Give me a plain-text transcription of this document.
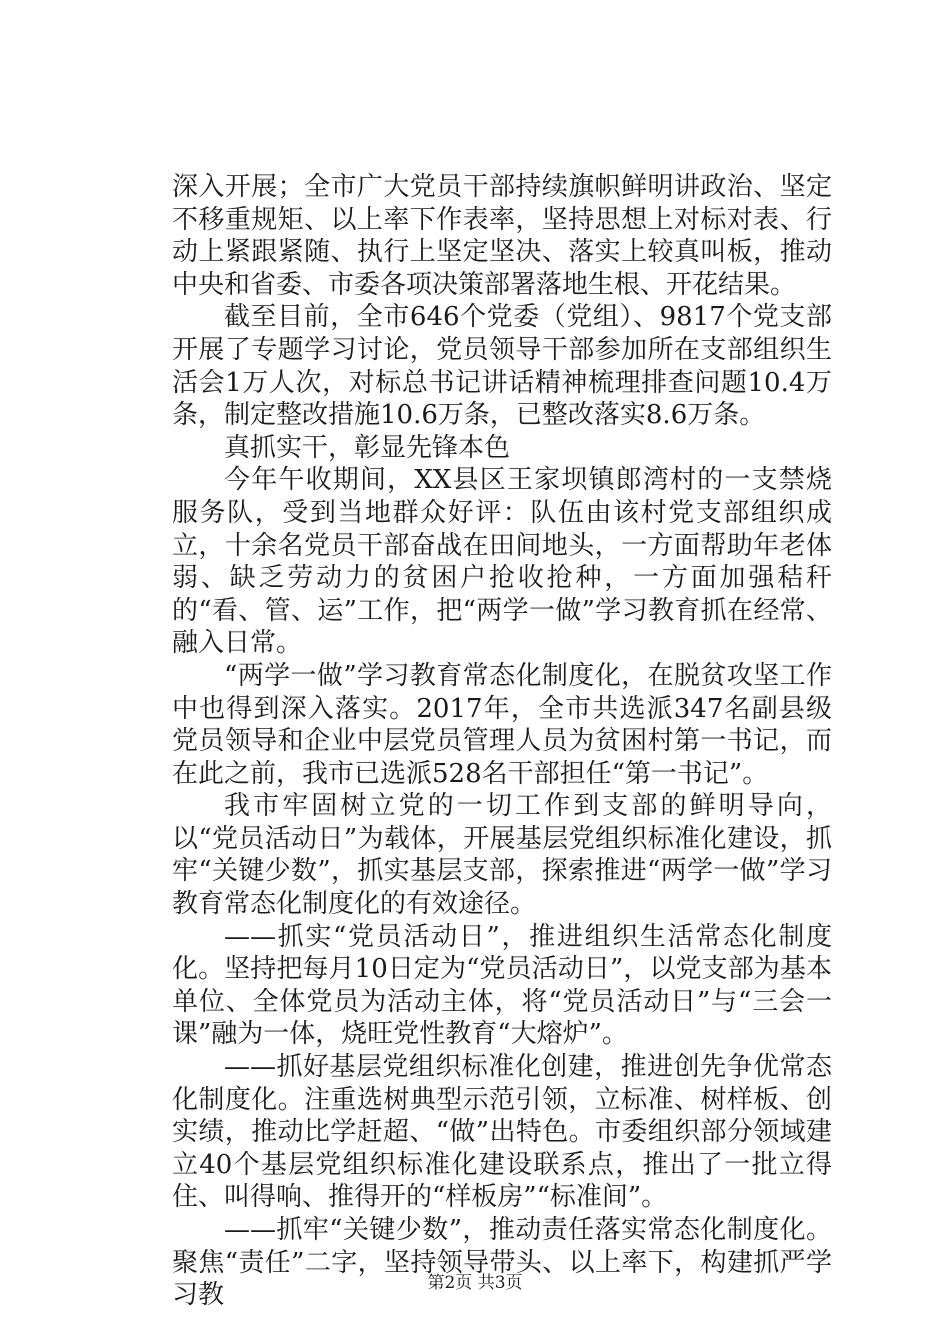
深入开展；全市广大党员干部持续旗帜鲜明讲政治、坚定不移重规矩、以上率下作表率，坚持思想上对标对表、行动上紧跟紧随、执行上坚定坚决、落实上较真叫板，推动中央和省委、市委各项决策部署落地生根、开花结果。

截至目前，全市646个党委（党组）、9817个党支部开展了专题学习讨论，党员领导干部参加所在支部组织生活会1万人次，对标总书记讲话精神梳理排查问题10.4万条，制定整改措施10.6万条，已整改落实8.6万条。

真抓实干，彰显先锋本色

今年午收期间，XX县区王家坝镇郎湾村的一支禁烧服务队，受到当地群众好评：队伍由该村党支部组织成立，十余名党员干部奋战在田间地头，一方面帮助年老体弱、缺乏劳动力的贫困户抢收抢种，一方面加强秸秆的“看、管、运”工作，把“两学一做”学习教育抓在经常、融入日常。

“两学一做”学习教育常态化制度化，在脱贫攻坚工作中也得到深入落实。2017年，全市共选派347名副县级党员领导和企业中层党员管理人员为贫困村第一书记，而在此之前，我市已选派528名干部担任“第一书记”。

我市牢固树立党的一切工作到支部的鲜明导向，以“党员活动日”为载体，开展基层党组织标准化建设，抓牢“关键少数”，抓实基层支部，探索推进“两学一做”学习教育常态化制度化的有效途径。

——抓实“党员活动日”，推进组织生活常态化制度化。坚持把每月10日定为“党员活动日”，以党支部为基本单位、全体党员为活动主体，将“党员活动日”与“三会一课”融为一体，烧旺党性教育“大熔炉”。

——抓好基层党组织标准化创建，推进创先争优常态化制度化。注重选树典型示范引领，立标准、树样板、创实绩，推动比学赶超、“做”出特色。市委组织部分领域建立40个基层党组织标准化建设联系点，推出了一批立得住、叫得响、推得开的“样板房”“标准间”。

——抓牢“关键少数”，推动责任落实常态化制度化。聚焦“责任”二字，坚持领导带头、以上率下，构建抓严学习教	第2页 共3页
